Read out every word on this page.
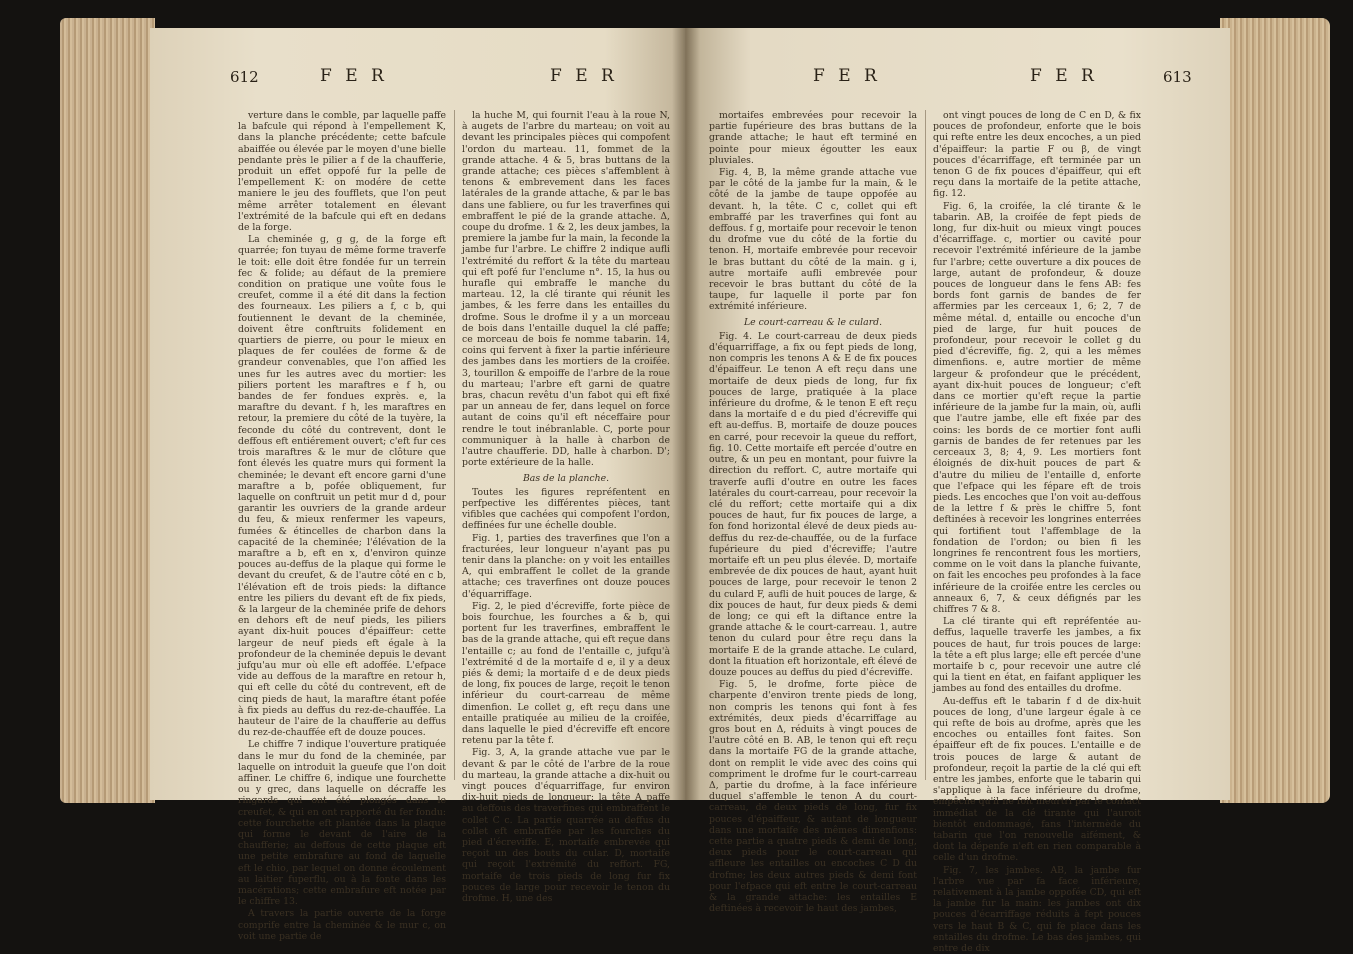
612	F E R	F E R

verture dans le comble, par laquelle paffe la bafcule qui répond à l'empellement K, dans la planche précédente; cette bafcule abaiffée ou élevée par le moyen d'une bielle pendante près le pilier a f de la chaufferie, produit un effet oppofé fur la pelle de l'empellement K: on modére de cette maniere le jeu des foufflets, que l'on peut même arrêter totalement en élevant l'extrémité de la bafcule qui eft en dedans de la forge.

La cheminée g, g g, de la forge eft quarrée; fon tuyau de même forme traverfe le toit: elle doit être fondée fur un terrein fec & folide; au défaut de la premiere condition on pratique une voûte fous le creufet, comme il a été dit dans la fection des fourneaux. Les piliers a f, c b, qui foutiennent le devant de la cheminée, doivent être conftruits folidement en quartiers de pierre, ou pour le mieux en plaques de fer coulées de forme & de grandeur convenables, que l'on affied les unes fur les autres avec du mortier: les piliers portent les maraftres e f h, ou bandes de fer fondues exprès. e, la maraftre du devant. f h, les maraftres en retour, la premiere du côté de la tuyère, la feconde du côté du contrevent, dont le deffous eft entiérement ouvert; c'eft fur ces trois maraftres & le mur de clôture que font élevés les quatre murs qui forment la cheminée; le devant eft encore garni d'une maraftre a b, pofée obliquement, fur laquelle on conftruit un petit mur d d, pour garantir les ouvriers de la grande ardeur du feu, & mieux renfermer les vapeurs, fumées & étincelles de charbon dans la capacité de la cheminée; l'élévation de la maraftre a b, eft en x, d'environ quinze pouces au-deffus de la plaque qui forme le devant du creufet, & de l'autre côté en c b, l'élévation eft de trois pieds: la diftance entre les piliers du devant eft de fix pieds, & la largeur de la cheminée prife de dehors en dehors eft de neuf pieds, les piliers ayant dix-huit pouces d'épaiffeur: cette largeur de neuf pieds eft égale à la profondeur de la cheminée depuis le devant jufqu'au mur où elle eft adoffée. L'efpace vide au deffous de la maraftre en retour h, qui eft celle du côté du contrevent, eft de cinq pieds de haut, la maraftre étant pofée à fix pieds au deffus du rez-de-chauffée. La hauteur de l'aire de la chaufferie au deffus du rez-de-chauffée eft de douze pouces.

Le chiffre 7 indique l'ouverture pratiquée dans le mur du fond de la cheminée, par laquelle on introduit la gueufe que l'on doit affiner. Le chiffre 6, indique une fourchette ou y grec, dans laquelle on décraffe les ringards qui ont été plongés dans le creufet, & qui en ont rapporté du fer fondu: cette fourchette eft plantée dans la plaque qui forme le devant de l'aire de la chaufferie; au deffous de cette plaque eft une petite embrafure au fond de laquelle eft le chio, par lequel on donne écoulement au laitier fuperflu, ou à la fonte dans les macérations; cette embrafure eft notée par le chiffre 13.

A travers la partie ouverte de la forge comprife entre la cheminée & le mur c, on voit une partie de

la huche M, qui fournit l'eau à la roue N, à augets de l'arbre du marteau; on voit au devant les principales pièces qui compofent l'ordon du marteau. 11, fommet de la grande attache. 4 & 5, bras buttans de la grande attache; ces pièces s'affemblent à tenons & embrevement dans les faces latérales de la grande attache, & par le bas dans une fabliere, ou fur les traverfines qui embraffent le pié de la grande attache. Δ, coupe du drofme. 1 & 2, les deux jambes, la premiere la jambe fur la main, la feconde la jambe fur l'arbre. Le chiffre 2 indique aufli l'extrémité du reffort & la tête du marteau qui eft pofé fur l'enclume n°. 15, la hus ou hurafle qui embraffe le manche du marteau. 12, la clé tirante qui réunit les jambes, & les ferre dans les entailles du drofme. Sous le drofme il y a un morceau de bois dans l'entaille duquel la clé paffe; ce morceau de bois fe nomme tabarin. 14, coins qui fervent à fixer la partie inférieure des jambes dans les mortiers de la croifée. 3, tourillon & empoiffe de l'arbre de la roue du marteau; l'arbre eft garni de quatre bras, chacun revêtu d'un fabot qui eft fixé par un anneau de fer, dans lequel on force autant de coins qu'il eft néceffaire pour rendre le tout inébranlable. C, porte pour communiquer à la halle à charbon de l'autre chaufferie. DD, halle à charbon. D'; porte extérieure de la halle.

Bas de la planche.

Toutes les figures repréfentent en perfpective les différentes pièces, tant vifibles que cachées qui compofent l'ordon, deffinées fur une échelle double.

Fig. 1, parties des traverfines que l'on a fracturées, leur longueur n'ayant pas pu tenir dans la planche: on y voit les entailles A, qui embraffent le collet de la grande attache; ces traverfines ont douze pouces d'équarriffage.

Fig. 2, le pied d'écreviffe, forte pièce de bois fourchue, les fourches a & b, qui portent fur les traverfines, embraffent le bas de la grande attache, qui eft reçue dans l'entaille c; au fond de l'entaille c, jufqu'à l'extrémité d de la mortaife d e, il y a deux piés & demi; la mortaife d e de deux pieds de long, fix pouces de large, reçoit le tenon inférieur du court-carreau de même dimenfion. Le collet g, eft reçu dans une entaille pratiquée au milieu de la croifée, dans laquelle le pied d'écreviffe eft encore retenu par la tête f.

Fig. 3, A, la grande attache vue par le devant & par le côté de l'arbre de la roue du marteau, la grande attache a dix-huit ou vingt pouces d'équarriffage, fur environ dix-huit pieds de longueur: la tête A paffe au deffous des traverfines qui embraffent le collet C c. La partie quarrée au deffus du collet eft embraffée par les fourches du pied d'écreviffe. E, mortaife embrevée qui reçoit un des bouts du cular. D, mortaife qui reçoit l'extrémité du reffort. FG, mortaife de trois pieds de long fur fix pouces de large pour recevoir le tenon du drofme. H, une des

F E R	F E R	613

mortaifes embrevées pour recevoir la partie fupérieure des bras buttans de la grande attache; le haut eft terminé en pointe pour mieux égoutter les eaux pluviales.

Fig. 4, B, la même grande attache vue par le côté de la jambe fur la main, & le côté de la jambe de taupe oppofée au devant. h, la tête. C c, collet qui eft embraffé par les traverfines qui font au deffous. f g, mortaife pour recevoir le tenon du drofme vue du côté de la fortie du tenon. H, mortaife embrevée pour recevoir le bras buttant du côté de la main. g i, autre mortaife aufli embrevée pour recevoir le bras buttant du côté de la taupe, fur laquelle il porte par fon extrémité inférieure.

Le court-carreau & le culard.

Fig. 4. Le court-carreau de deux pieds d'équarriffage, a fix ou fept pieds de long, non compris les tenons A & E de fix pouces d'épaiffeur. Le tenon A eft reçu dans une mortaife de deux pieds de long, fur fix pouces de large, pratiquée à la place inférieure du drofme, & le tenon E eft reçu dans la mortaife d e du pied d'écreviffe qui eft au-deffus. B, mortaife de douze pouces en carré, pour recevoir la queue du reffort, fig. 10. Cette mortaife eft percée d'outre en outre, & un peu en montant, pour fuivre la direction du reffort. C, autre mortaife qui traverfe aufli d'outre en outre les faces latérales du court-carreau, pour recevoir la clé du reffort; cette mortaife qui a dix pouces de haut, fur fix pouces de large, a fon fond horizontal élevé de deux pieds au-deffus du rez-de-chauffée, ou de la furface fupérieure du pied d'écreviffe; l'autre mortaife eft un peu plus élevée. D, mortaife embrevée de dix pouces de haut, ayant huit pouces de large, pour recevoir le tenon 2 du culard F, aufli de huit pouces de large, & dix pouces de haut, fur deux pieds & demi de long; ce qui eft la diftance entre la grande attache & le court-carreau. 1, autre tenon du culard pour être reçu dans la mortaife E de la grande attache. Le culard, dont la fituation eft horizontale, eft élevé de douze pouces au deffus du pied d'écreviffe.

Fig. 5, le drofme, forte pièce de charpente d'environ trente pieds de long, non compris les tenons qui font à fes extrémités, deux pieds d'écarriffage au gros bout en Δ, réduits à vingt pouces de l'autre côté en B. AB, le tenon qui eft reçu dans la mortaife FG de la grande attache, dont on remplit le vide avec des coins qui compriment le drofme fur le court-carreau Δ, partie du drofme, à la face inférieure duquel s'affemble le tenon A du court-carreau, de deux pieds de long, fur fix pouces d'épaiffeur, & autant de longueur dans une mortaife des mêmes dimenfions: cette partie a quatre pieds & demi de long, deux pieds pour le court-carreau qui affleure les entailles ou encoches C D du drofme; les deux autres pieds & demi font pour l'efpace qui eft entre le court-carreau & la grande attache: les entailles E deftinées à recevoir le haut des jambes,

ont vingt pouces de long de C en D, & fix pouces de profondeur, enforte que le bois qui refte entre les deux encoches, a un pied d'épaiffeur: la partie F ou β, de vingt pouces d'écarriffage, eft terminée par un tenon G de fix pouces d'épaiffeur, qui eft reçu dans la mortaife de la petite attache, fig. 12.

Fig. 6, la croifée, la clé tirante & le tabarin. AB, la croifée de fept pieds de long, fur dix-huit ou mieux vingt pouces d'écarriffage. c, mortier ou cavité pour recevoir l'extrémité inférieure de la jambe fur l'arbre; cette ouverture a dix pouces de large, autant de profondeur, & douze pouces de longueur dans le fens AB: fes bords font garnis de bandes de fer affermies par les cerceaux 1, 6; 2, 7 de même métal. d, entaille ou encoche d'un pied de large, fur huit pouces de profondeur, pour recevoir le collet g du pied d'écreviffe, fig. 2, qui a les mêmes dimenfions. e, autre mortier de même largeur & profondeur que le précédent, ayant dix-huit pouces de longueur; c'eft dans ce mortier qu'eft reçue la partie inférieure de la jambe fur la main, où, aufli que l'autre jambe, elle eft fixée par des coins: les bords de ce mortier font aufli garnis de bandes de fer retenues par les cerceaux 3, 8; 4, 9. Les mortiers font éloignés de dix-huit pouces de part & d'autre du milieu de l'entaille d, enforte que l'efpace qui les fépare eft de trois pieds. Les encoches que l'on voit au-deffous de la lettre f & près le chiffre 5, font deftinées à recevoir les longrines enterrées qui fortifient tout l'affemblage de la fondation de l'ordon; ou bien fi les longrines fe rencontrent fous les mortiers, comme on le voit dans la planche fuivante, on fait les encoches peu profondes à la face inférieure de la croifée entre les cercles ou anneaux 6, 7, & ceux défignés par les chiffres 7 & 8.

La clé tirante qui eft repréfentée au-deffus, laquelle traverfe les jambes, a fix pouces de haut, fur trois pouces de large: la tête a eft plus large; elle eft percée d'une mortaife b c, pour recevoir une autre clé qui la tient en état, en faifant appliquer les jambes au fond des entailles du drofme.

Au-deffus eft le tabarin f d de dix-huit pouces de long, d'une largeur égale à ce qui refte de bois au drofme, après que les encoches ou entailles font faites. Son épaiffeur eft de fix pouces. L'entaille e de trois pouces de large & autant de profondeur, reçoit la partie de la clé qui eft entre les jambes, enforte que le tabarin qui s'applique à la face inférieure du drofme, empêche qu'il ne foit meurtri par le contact immédiat de la clé tirante qui l'auroit bientôt endommagé, fans l'intermède du tabarin que l'on renouvelle aifément, & dont la dépenfe n'eft en rien comparable à celle d'un drofme.

Fig. 7, les jambes. AB, la jambe fur l'arbre vue par fa face inférieure, relativement à la jambe oppofée CD, qui eft la jambe fur la main: les jambes ont dix pouces d'écarriffage réduits à fept pouces vers le haut B & C, qui fe place dans les entailles du drofme. Le bas des jambes, qui entre de dix
